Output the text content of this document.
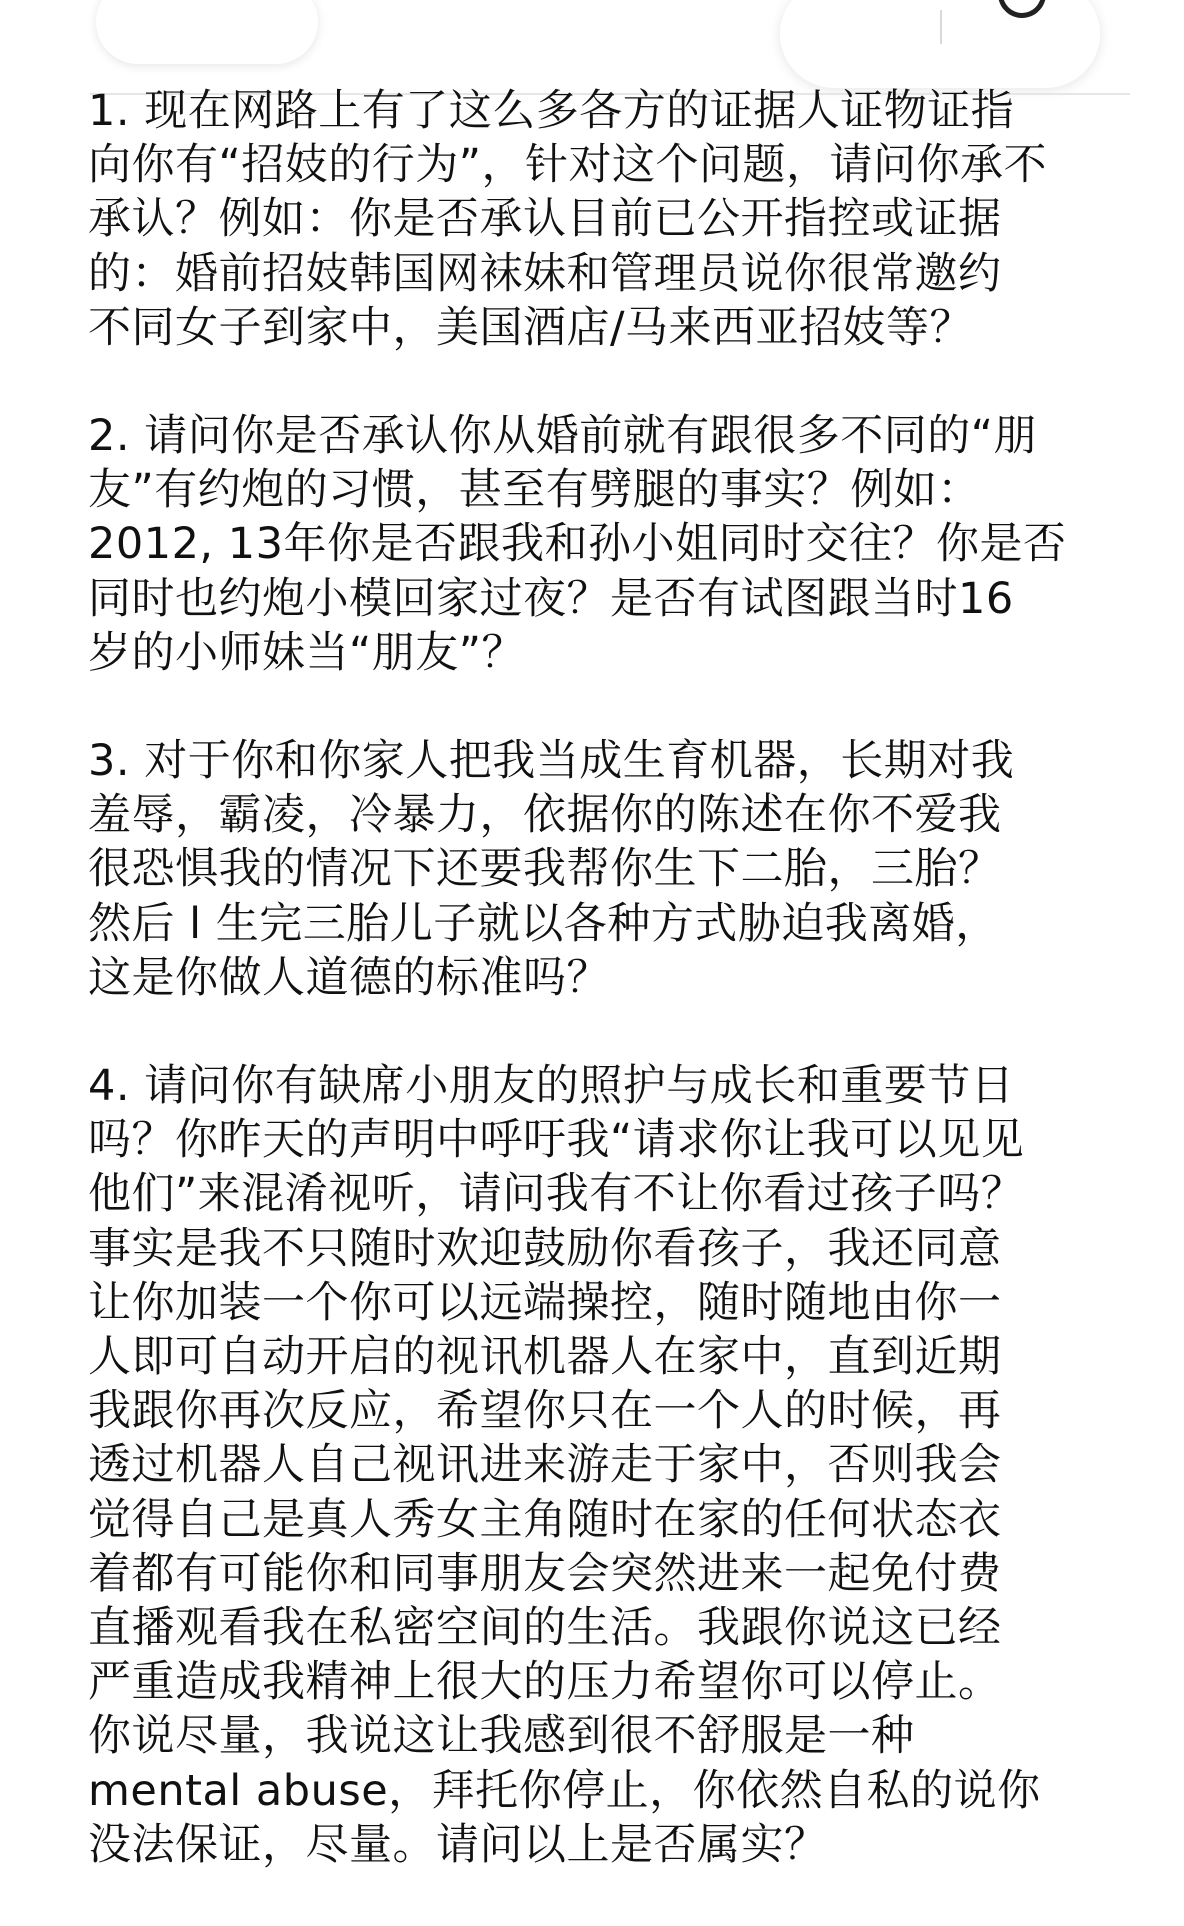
1. 现在网路上有了这么多各方的证据人证物证指
向你有“招妓的行为”，针对这个问题，请问你承不
承认？例如：你是否承认目前已公开指控或证据
的：婚前招妓韩国网袜妹和管理员说你很常邀约
不同女子到家中，美国酒店/马来西亚招妓等？

2. 请问你是否承认你从婚前就有跟很多不同的“朋
友”有约炮的习惯，甚至有劈腿的事实？例如：
2012, 13年你是否跟我和孙小姐同时交往？你是否
同时也约炮小模回家过夜？是否有试图跟当时16
岁的小师妹当“朋友”？

3. 对于你和你家人把我当成生育机器，长期对我
羞辱，霸凌，冷暴力，依据你的陈述在你不爱我
很恐惧我的情况下还要我帮你生下二胎，三胎？
然后 l 生完三胎儿子就以各种方式胁迫我离婚，
这是你做人道德的标准吗？

4. 请问你有缺席小朋友的照护与成长和重要节日
吗？你昨天的声明中呼吁我“请求你让我可以见见
他们”来混淆视听，请问我有不让你看过孩子吗？
事实是我不只随时欢迎鼓励你看孩子，我还同意
让你加装一个你可以远端操控，随时随地由你一
人即可自动开启的视讯机器人在家中，直到近期
我跟你再次反应，希望你只在一个人的时候，再
透过机器人自己视讯进来游走于家中，否则我会
觉得自己是真人秀女主角随时在家的任何状态衣
着都有可能你和同事朋友会突然进来一起免付费
直播观看我在私密空间的生活。我跟你说这已经
严重造成我精神上很大的压力希望你可以停止。
你说尽量，我说这让我感到很不舒服是一种
mental abuse，拜托你停止，你依然自私的说你
没法保证，尽量。请问以上是否属实？
